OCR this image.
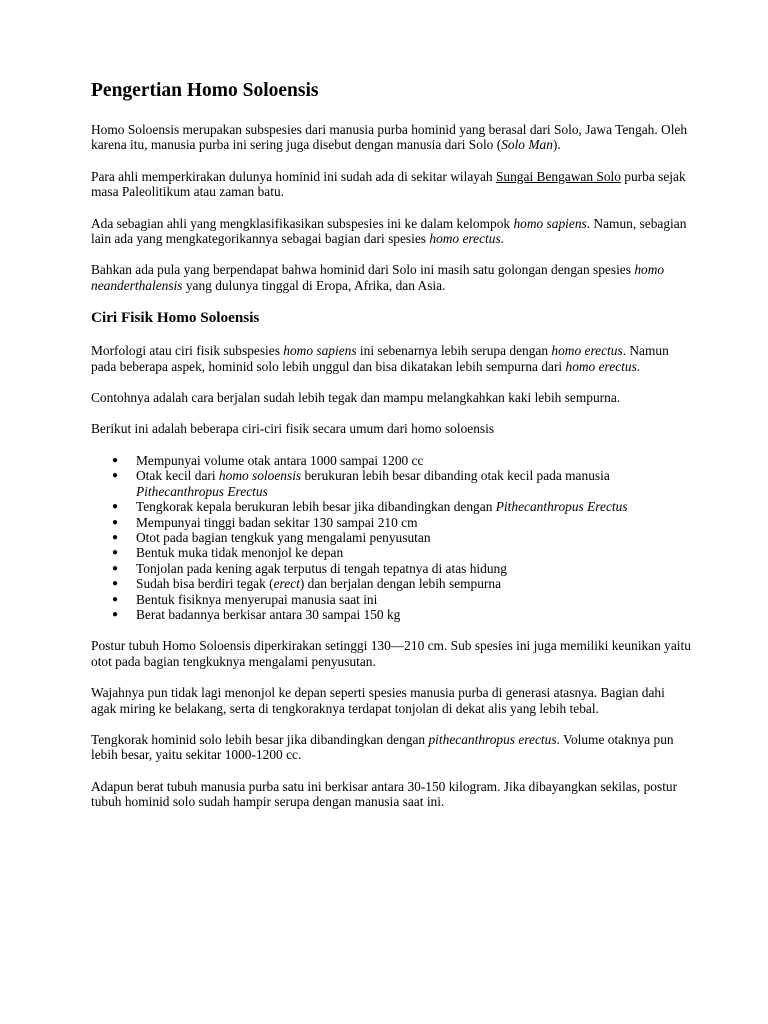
Pengertian Homo Soloensis

Homo Soloensis merupakan subspesies dari manusia purba hominid yang berasal dari Solo, Jawa Tengah. Oleh karena itu, manusia purba ini sering juga disebut dengan manusia dari Solo (Solo Man).

Para ahli memperkirakan dulunya hominid ini sudah ada di sekitar wilayah Sungai Bengawan Solo purba sejak masa Paleolitikum atau zaman batu.

Ada sebagian ahli yang mengklasifikasikan subspesies ini ke dalam kelompok homo sapiens. Namun, sebagian lain ada yang mengkategorikannya sebagai bagian dari spesies homo erectus.

Bahkan ada pula yang berpendapat bahwa hominid dari Solo ini masih satu golongan dengan spesies homo neanderthalensis yang dulunya tinggal di Eropa, Afrika, dan Asia.

Ciri Fisik Homo Soloensis

Morfologi atau ciri fisik subspesies homo sapiens ini sebenarnya lebih serupa dengan homo erectus. Namun pada beberapa aspek, hominid solo lebih unggul dan bisa dikatakan lebih sempurna dari homo erectus.

Contohnya adalah cara berjalan sudah lebih tegak dan mampu melangkahkan kaki lebih sempurna.

Berikut ini adalah beberapa ciri-ciri fisik secara umum dari homo soloensis

● Mempunyai volume otak antara 1000 sampai 1200 cc
● Otak kecil dari homo soloensis berukuran lebih besar dibanding otak kecil pada manusia Pithecanthropus Erectus
● Tengkorak kepala berukuran lebih besar jika dibandingkan dengan Pithecanthropus Erectus
● Mempunyai tinggi badan sekitar 130 sampai 210 cm
● Otot pada bagian tengkuk yang mengalami penyusutan
● Bentuk muka tidak menonjol ke depan
● Tonjolan pada kening agak terputus di tengah tepatnya di atas hidung
● Sudah bisa berdiri tegak (erect) dan berjalan dengan lebih sempurna
● Bentuk fisiknya menyerupai manusia saat ini
● Berat badannya berkisar antara 30 sampai 150 kg

Postur tubuh Homo Soloensis diperkirakan setinggi 130—210 cm. Sub spesies ini juga memiliki keunikan yaitu otot pada bagian tengkuknya mengalami penyusutan.

Wajahnya pun tidak lagi menonjol ke depan seperti spesies manusia purba di generasi atasnya. Bagian dahi agak miring ke belakang, serta di tengkoraknya terdapat tonjolan di dekat alis yang lebih tebal.

Tengkorak hominid solo lebih besar jika dibandingkan dengan pithecanthropus erectus. Volume otaknya pun lebih besar, yaitu sekitar 1000-1200 cc.

Adapun berat tubuh manusia purba satu ini berkisar antara 30-150 kilogram. Jika dibayangkan sekilas, postur tubuh hominid solo sudah hampir serupa dengan manusia saat ini.
